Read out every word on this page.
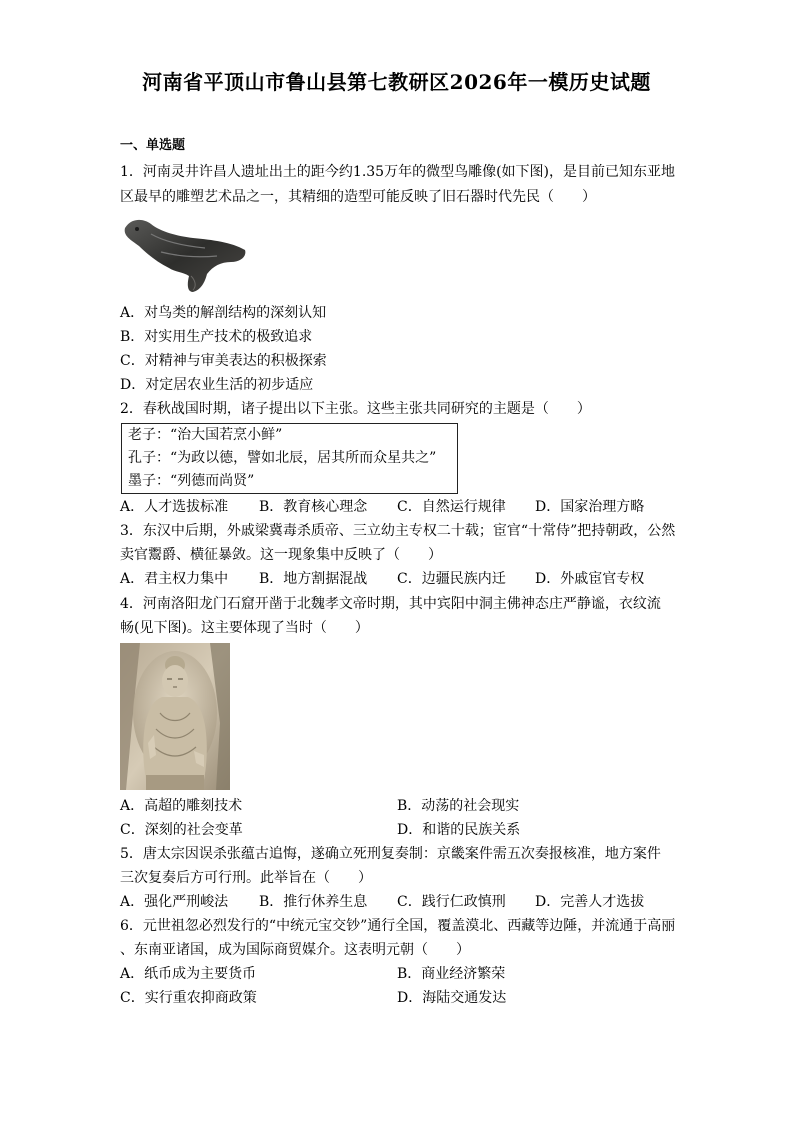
河南省平顶山市鲁山县第七教研区2026年一模历史试题
一、单选题
1．河南灵井许昌人遗址出土的距今约1.35万年的微型鸟雕像(如下图)，是目前已知东亚地
区最早的雕塑艺术品之一，其精细的造型可能反映了旧石器时代先民（　　）
A．对鸟类的解剖结构的深刻认知
B．对实用生产技术的极致追求
C．对精神与审美表达的积极探索
D．对定居农业生活的初步适应
2．春秋战国时期，诸子提出以下主张。这些主张共同研究的主题是（　　）
老子：“治大国若烹小鲜”
孔子：“为政以德，譬如北辰，居其所而众星共之”
墨子：“列德而尚贤”
A．人才选拔标准 B．教育核心理念 C．自然运行规律 D．国家治理方略
3．东汉中后期，外戚梁冀毒杀质帝、三立幼主专权二十载；宦官“十常侍”把持朝政，公然
卖官鬻爵、横征暴敛。这一现象集中反映了（　　）
A．君主权力集中 B．地方割据混战 C．边疆民族内迁 D．外戚宦官专权
4．河南洛阳龙门石窟开凿于北魏孝文帝时期，其中宾阳中洞主佛神态庄严静谧，衣纹流
畅(见下图)。这主要体现了当时（　　）
A．高超的雕刻技术	B．动荡的社会现实
C．深刻的社会变革	D．和谐的民族关系
5．唐太宗因误杀张蕴古追悔，遂确立死刑复奏制：京畿案件需五次奏报核准，地方案件
三次复奏后方可行刑。此举旨在（　　）
A．强化严刑峻法 B．推行休养生息 C．践行仁政慎刑 D．完善人才选拔
6．元世祖忽必烈发行的“中统元宝交钞”通行全国，覆盖漠北、西藏等边陲，并流通于高丽
、东南亚诸国，成为国际商贸媒介。这表明元朝（　　）
A．纸币成为主要货币	B．商业经济繁荣
C．实行重农抑商政策	D．海陆交通发达
